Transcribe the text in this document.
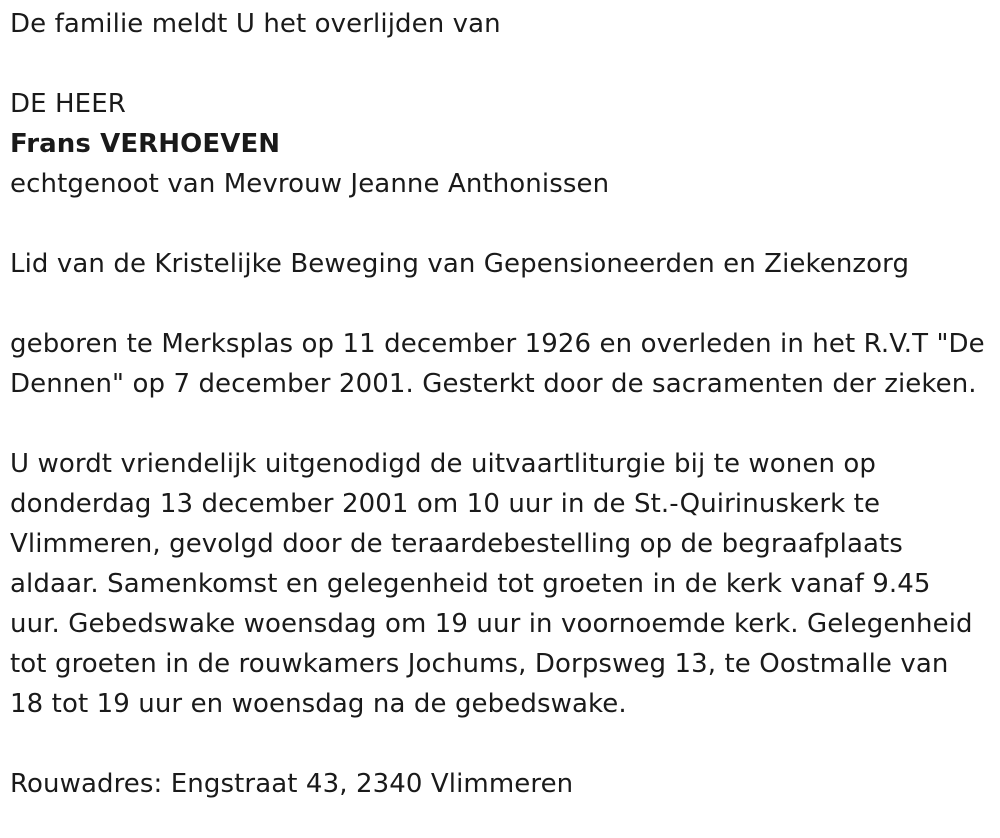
De familie meldt U het overlijden van
DE HEER
Frans VERHOEVEN
echtgenoot van Mevrouw Jeanne Anthonissen
Lid van de Kristelijke Beweging van Gepensioneerden en Ziekenzorg
geboren te Merksplas op 11 december 1926 en overleden in het R.V.T "De
Dennen" op 7 december 2001. Gesterkt door de sacramenten der zieken.
U wordt vriendelijk uitgenodigd de uitvaartliturgie bij te wonen op
donderdag 13 december 2001 om 10 uur in de St.-Quirinuskerk te
Vlimmeren, gevolgd door de teraardebestelling op de begraafplaats
aldaar. Samenkomst en gelegenheid tot groeten in de kerk vanaf 9.45
uur. Gebedswake woensdag om 19 uur in voornoemde kerk. Gelegenheid
tot groeten in de rouwkamers Jochums, Dorpsweg 13, te Oostmalle van
18 tot 19 uur en woensdag na de gebedswake.
Rouwadres: Engstraat 43, 2340 Vlimmeren
